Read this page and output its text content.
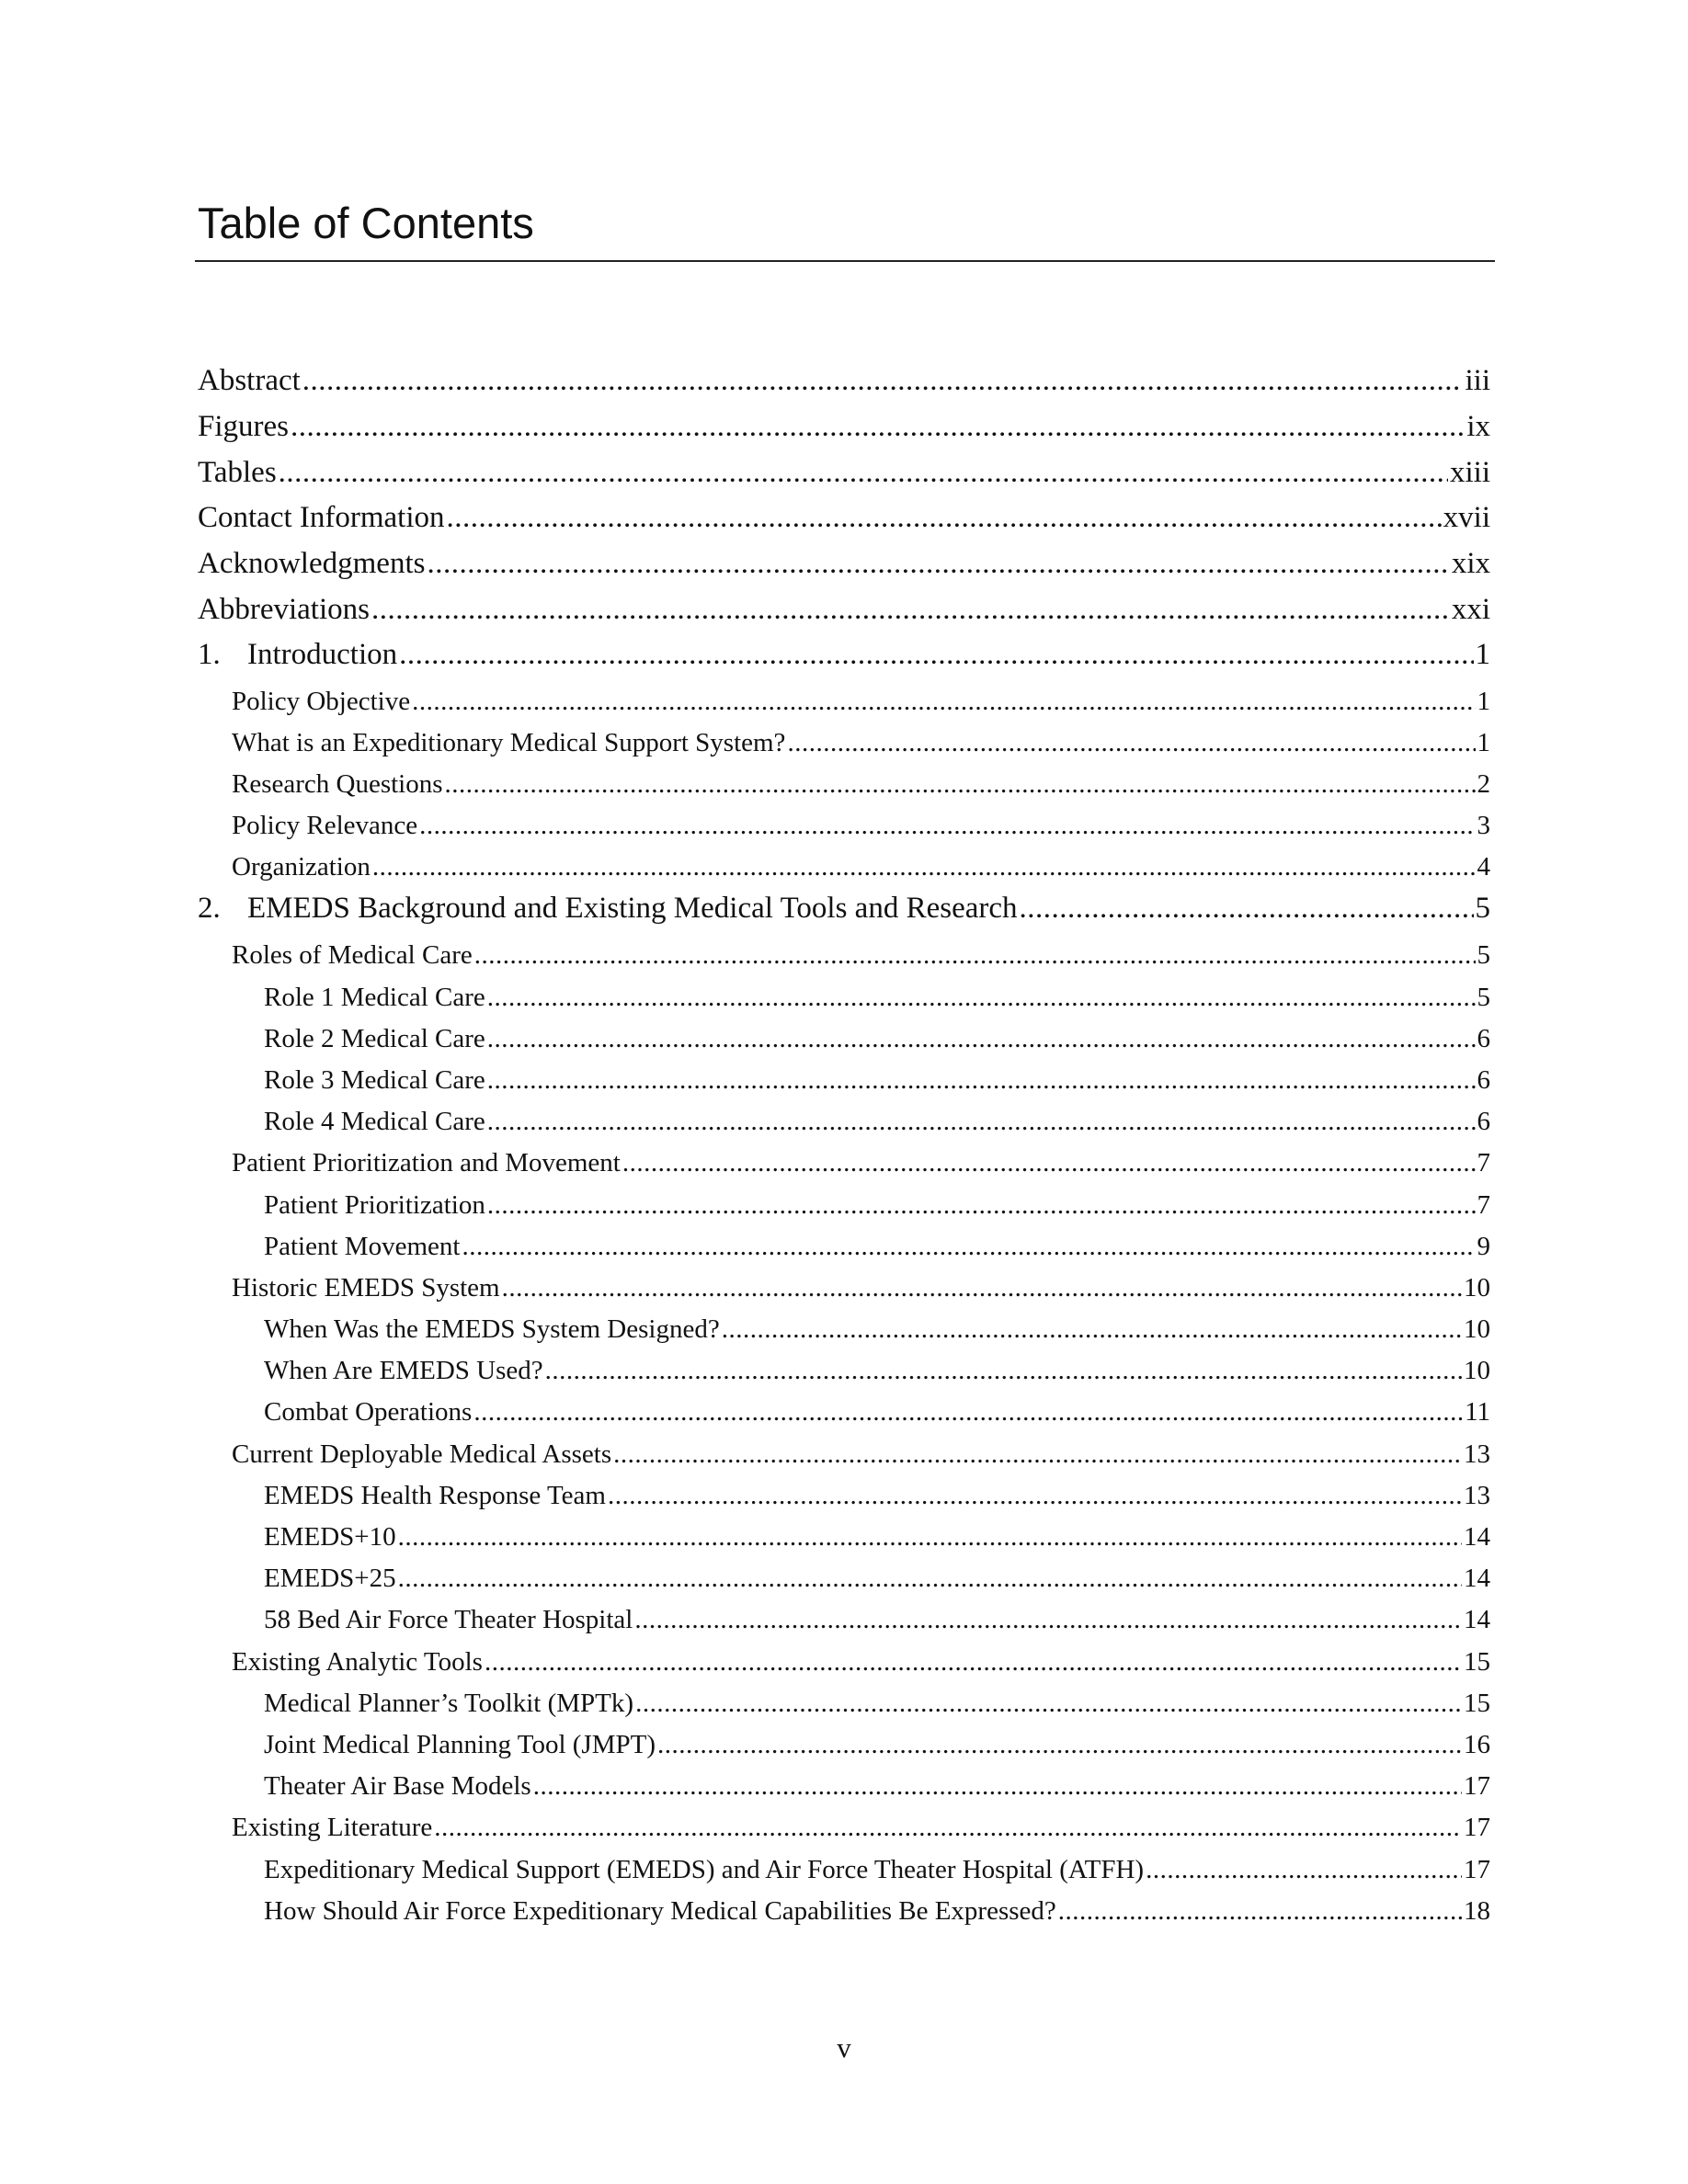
Table of Contents
Abstract .....	iii
Figures .....	ix
Tables .....	xiii
Contact Information .....	xvii
Acknowledgments .....	xix
Abbreviations .....	xxi
1. Introduction .....	1
Policy Objective .....	1
What is an Expeditionary Medical Support System? .....	1
Research Questions .....	2
Policy Relevance .....	3
Organization .....	4
2. EMEDS Background and Existing Medical Tools and Research .....	5
Roles of Medical Care .....	5
Role 1 Medical Care .....	5
Role 2 Medical Care .....	6
Role 3 Medical Care .....	6
Role 4 Medical Care .....	6
Patient Prioritization and Movement .....	7
Patient Prioritization .....	7
Patient Movement .....	9
Historic EMEDS System .....	10
When Was the EMEDS System Designed? .....	10
When Are EMEDS Used? .....	10
Combat Operations .....	11
Current Deployable Medical Assets .....	13
EMEDS Health Response Team .....	13
EMEDS+10 .....	14
EMEDS+25 .....	14
58 Bed Air Force Theater Hospital .....	14
Existing Analytic Tools .....	15
Medical Planner’s Toolkit (MPTk) .....	15
Joint Medical Planning Tool (JMPT) .....	16
Theater Air Base Models .....	17
Existing Literature .....	17
Expeditionary Medical Support (EMEDS) and Air Force Theater Hospital (ATFH) .....	17
How Should Air Force Expeditionary Medical Capabilities Be Expressed? .....	18
v
